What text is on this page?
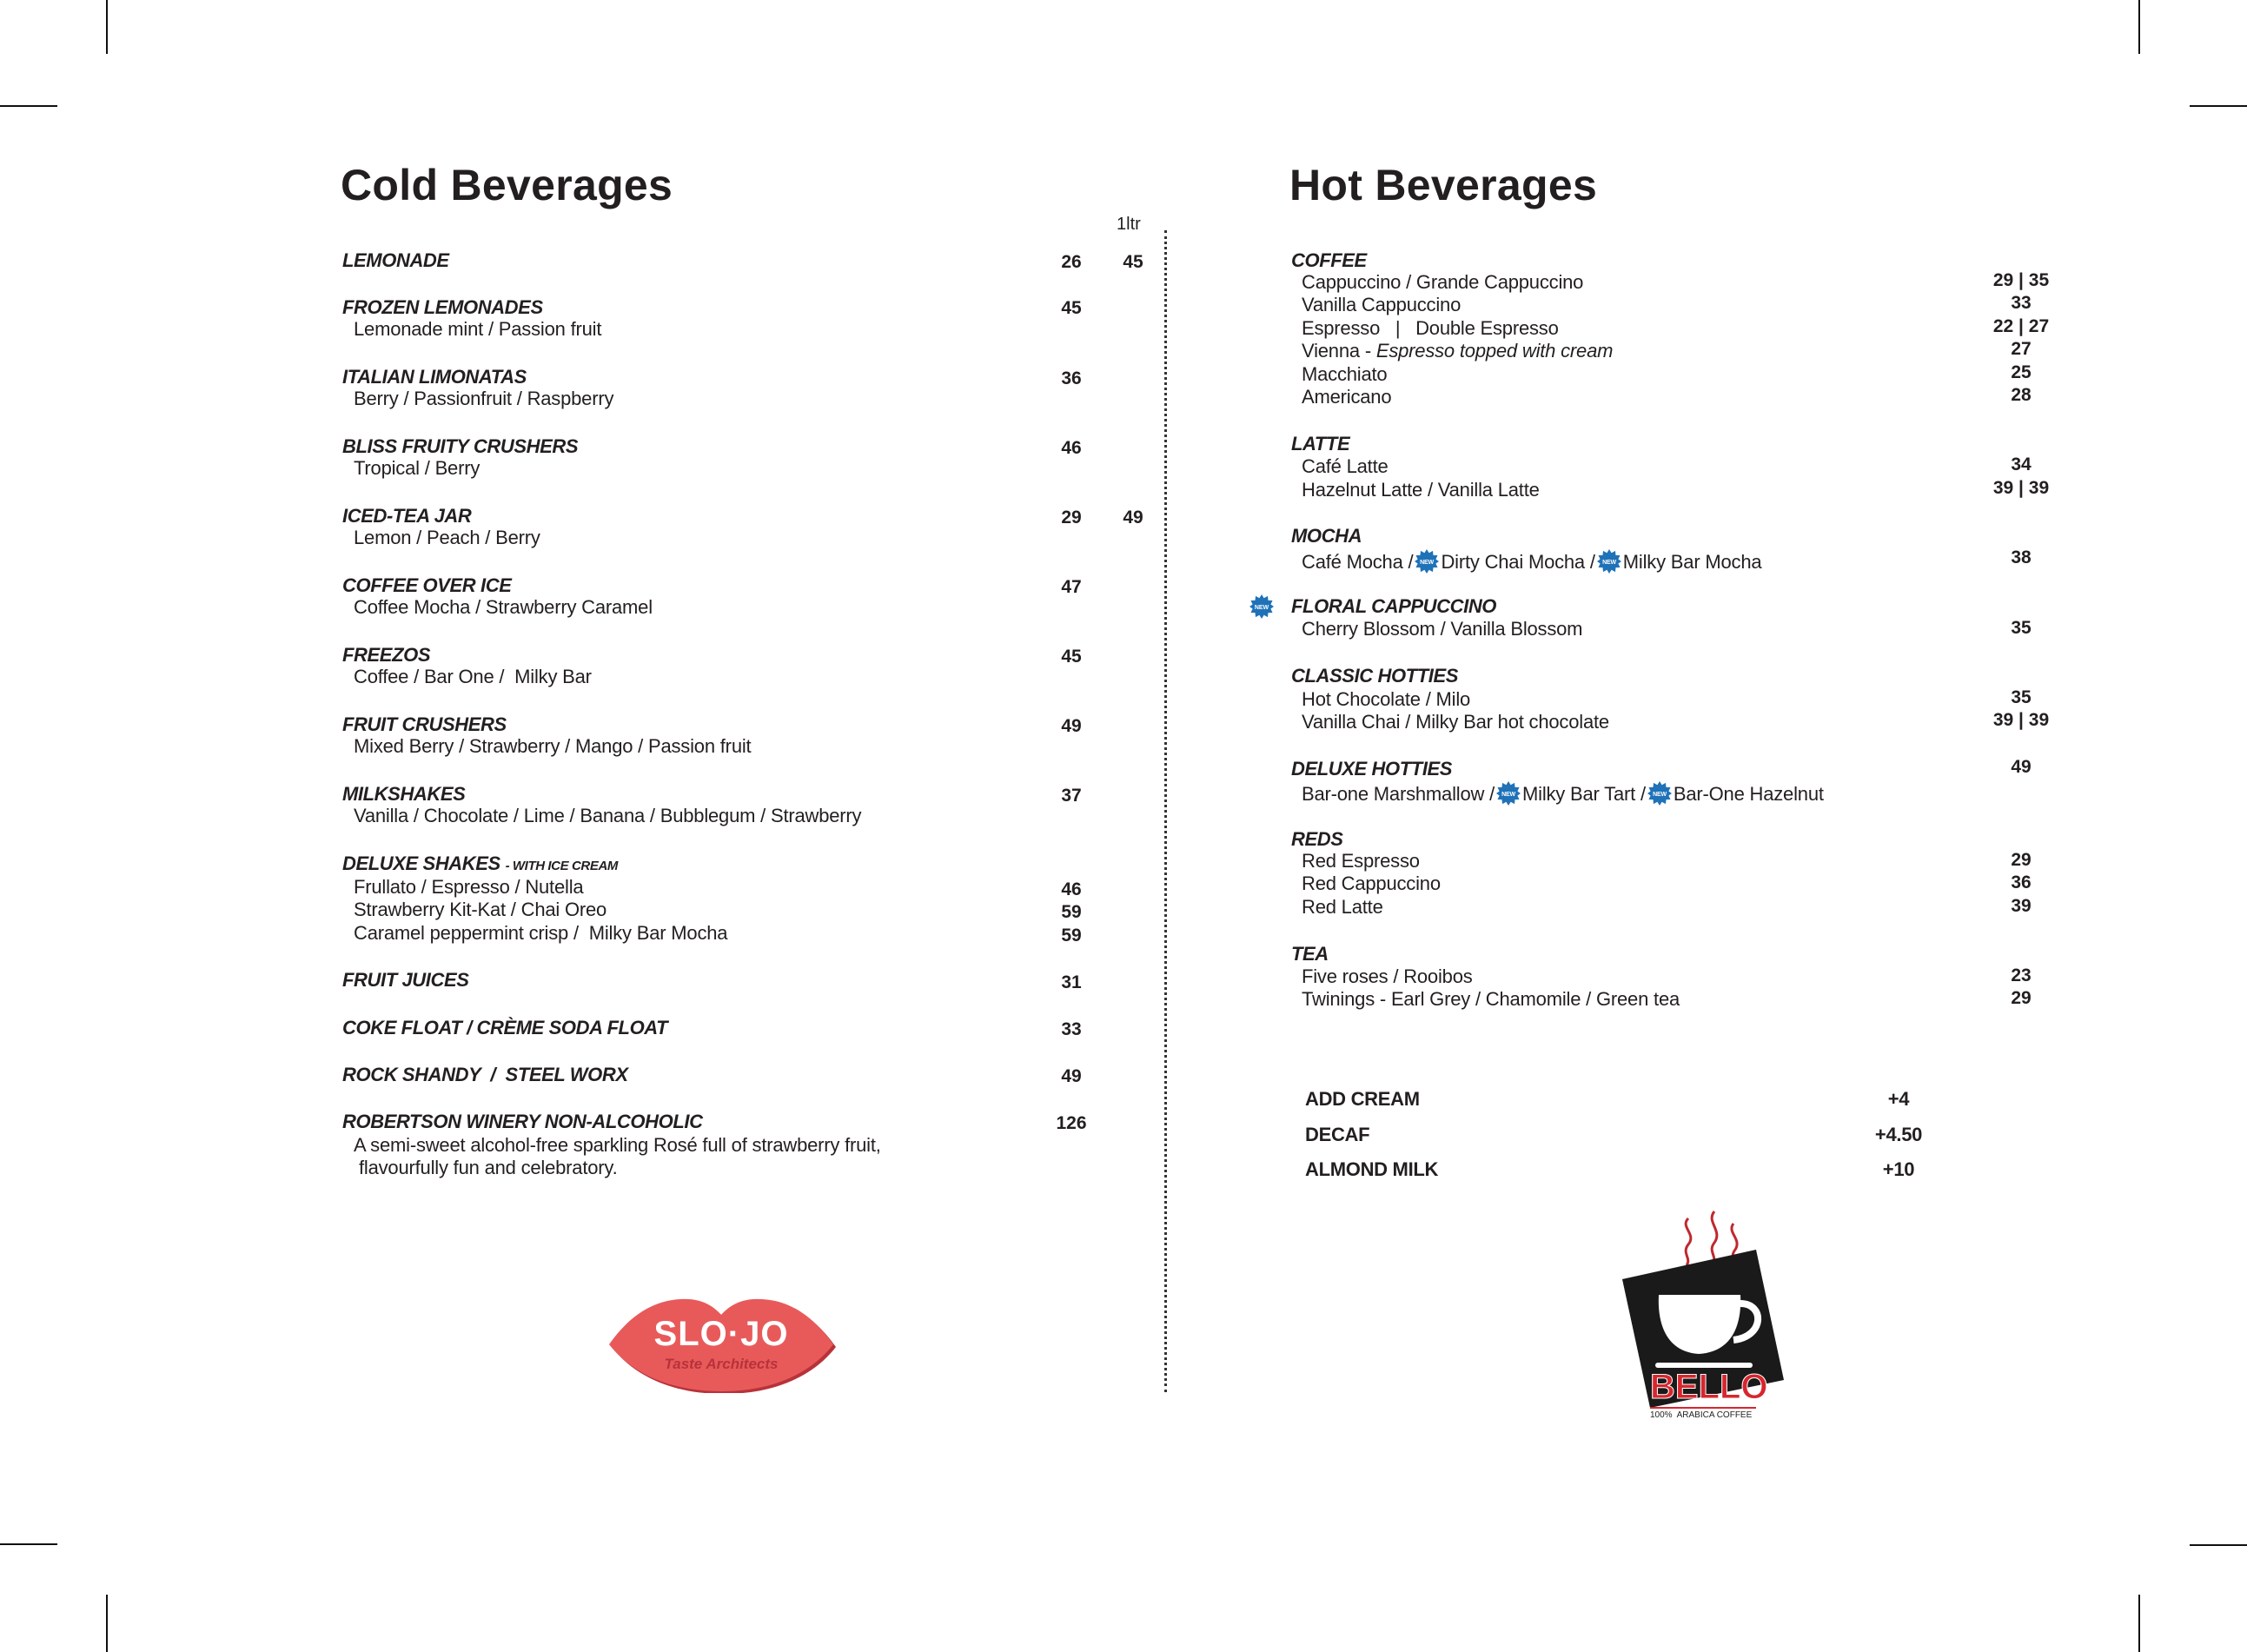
Cold Beverages
1ltr
LEMONADE	26	45
FROZEN LEMONADES	45
Lemonade mint / Passion fruit
ITALIAN LIMONATAS	36
Berry / Passionfruit / Raspberry
BLISS FRUITY CRUSHERS	46
Tropical / Berry
ICED-TEA JAR	29	49
Lemon / Peach / Berry
COFFEE OVER ICE	47
Coffee Mocha / Strawberry Caramel
FREEZOS	45
Coffee / Bar One /  Milky Bar
FRUIT CRUSHERS	49
Mixed Berry / Strawberry / Mango / Passion fruit
MILKSHAKES	37
Vanilla / Chocolate / Lime / Banana / Bubblegum / Strawberry
DELUXE SHAKES - WITH ICE CREAM
Frullato / Espresso / Nutella	46
Strawberry Kit-Kat / Chai Oreo	59
Caramel peppermint crisp /  Milky Bar Mocha	59
FRUIT JUICES	31
COKE FLOAT / CRÈME SODA FLOAT	33
ROCK SHANDY  /  STEEL WORX	49
ROBERTSON WINERY NON-ALCOHOLIC	126
A semi-sweet alcohol-free sparkling Rosé full of strawberry fruit,
flavourfully fun and celebratory.
Hot Beverages
COFFEE
Cappuccino / Grande Cappuccino	29 | 35
Vanilla Cappuccino	33
Espresso   |   Double Espresso	22 | 27
Vienna - Espresso topped with cream	27
Macchiato	25
Americano	28
LATTE
Café Latte	34
Hazelnut Latte / Vanilla Latte	39 | 39
MOCHA
Café Mocha / NEW Dirty Chai Mocha / NEW Milky Bar Mocha	38
NEW FLORAL CAPPUCCINO
Cherry Blossom / Vanilla Blossom	35
CLASSIC HOTTIES
Hot Chocolate / Milo	35
Vanilla Chai / Milky Bar hot chocolate	39 | 39
DELUXE HOTTIES	49
Bar-one Marshmallow / NEW Milky Bar Tart / NEW Bar-One Hazelnut
REDS
Red Espresso	29
Red Cappuccino	36
Red Latte	39
TEA
Five roses / Rooibos	23
Twinings - Earl Grey / Chamomile / Green tea	29
ADD CREAM	+4
DECAF	+4.50
ALMOND MILK	+10
SLO·JO
Taste Architects
BELLO
100%  ARABICA COFFEE
